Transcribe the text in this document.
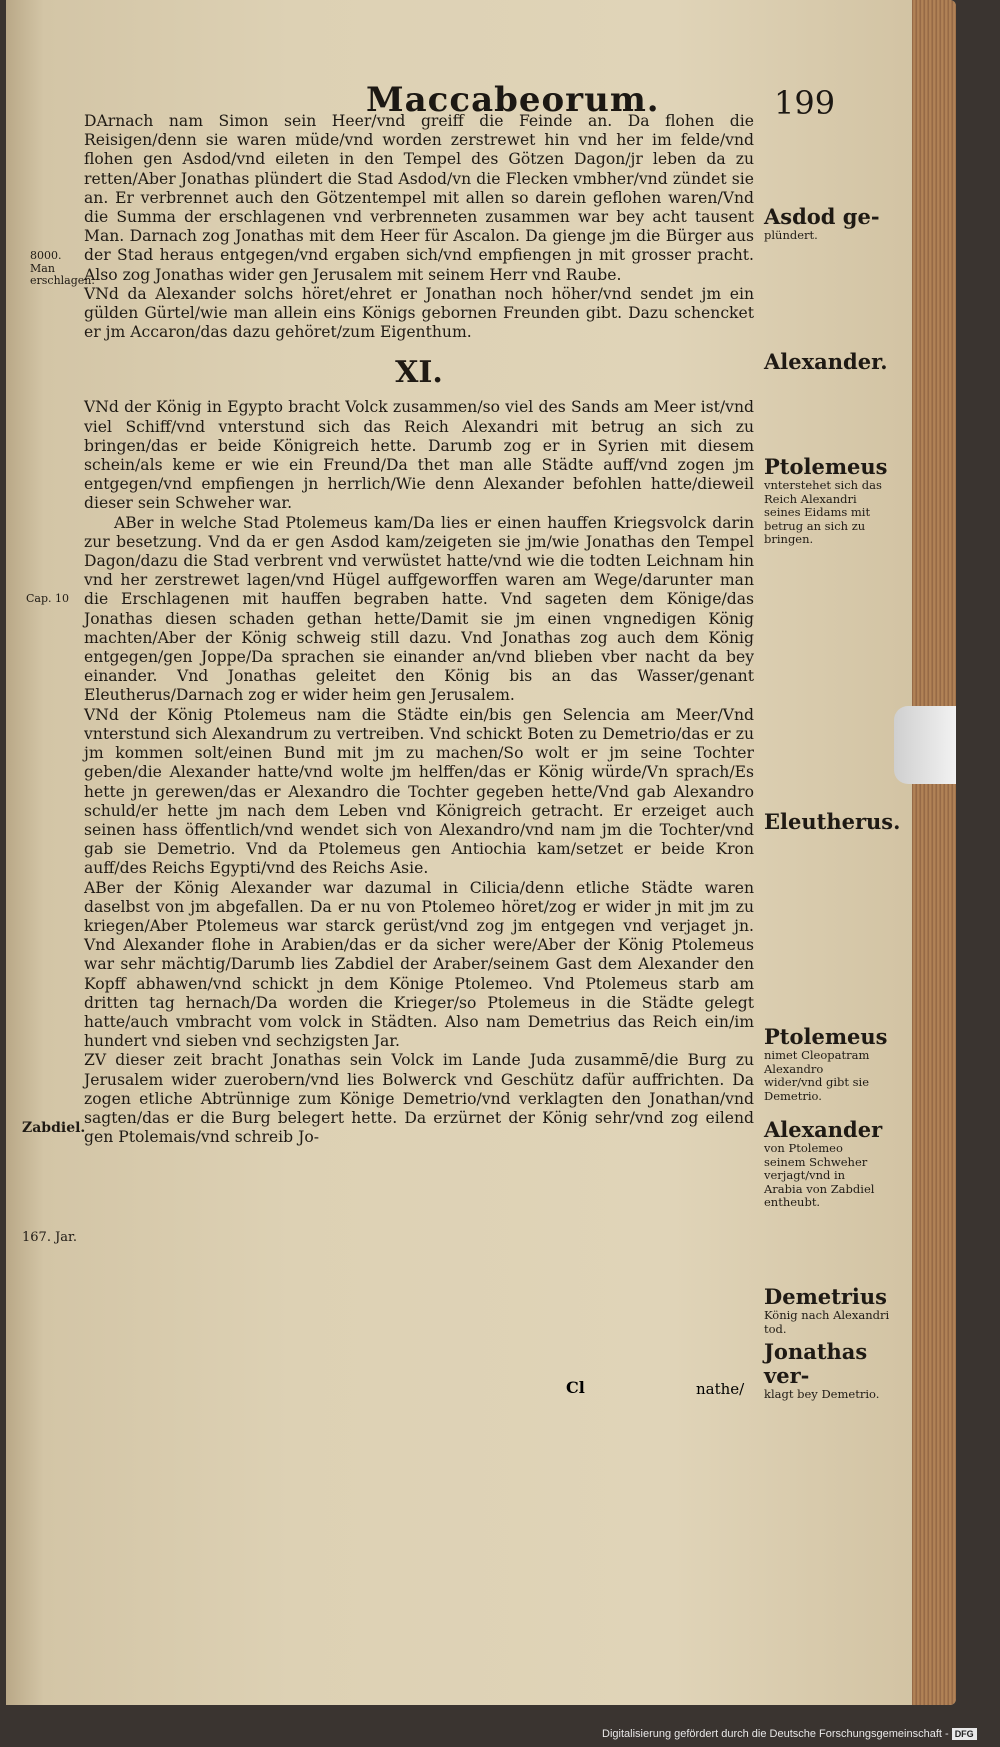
Maccabeorum.	199

DArnach nam Simon sein Heer/vnd greiff die Feinde an. Da flohen die Reisigen/denn sie waren müde/vnd worden zerstrewet hin vnd her im felde/vnd flohen gen Asdod/vnd eileten in den Tempel des Götzen Dagon/jr leben da zu retten/Aber Jonathas plündert die Stad Asdod/vn die Flecken vmbher/vnd zündet sie an. Er verbrennet auch den Götzentempel mit allen so darein geflohen waren/Vnd die Summa der erschlagenen vnd verbrenneten zusammen war bey acht tausent Man. Darnach zog Jonathas mit dem Heer für Ascalon. Da gienge jm die Bürger aus der Stad heraus entgegen/vnd ergaben sich/vnd empfiengen jn mit grosser pracht. Also zog Jonathas wider gen Jerusalem mit seinem Herr vnd Raube.

VNd da Alexander solchs höret/ehret er Jonathan noch höher/vnd sendet jm ein gülden Gürtel/wie man allein eins Königs gebornen Freunden gibt. Dazu schencket er jm Accaron/das dazu gehöret/zum Eigenthum.

XI.

VNd der König in Egypto bracht Volck zusammen/so viel des Sands am Meer ist/vnd viel Schiff/vnd vnterstund sich das Reich Alexandri mit betrug an sich zu bringen/das er beide Königreich hette. Darumb zog er in Syrien mit diesem schein/als keme er wie ein Freund/Da thet man alle Städte auff/vnd zogen jm entgegen/vnd empfiengen jn herrlich/Wie denn Alexander befohlen hatte/dieweil dieser sein Schweher war.

ABer in welche Stad Ptolemeus kam/Da lies er einen hauffen Kriegsvolck darin zur besetzung. Vnd da er gen Asdod kam/zeigeten sie jm/wie Jonathas den Tempel Dagon/dazu die Stad verbrent vnd verwüstet hatte/vnd wie die todten Leichnam hin vnd her zerstrewet lagen/vnd Hügel auffgeworffen waren am Wege/darunter man die Erschlagenen mit hauffen begraben hatte. Vnd sageten dem Könige/das Jonathas diesen schaden gethan hette/Damit sie jm einen vngnedigen König machten/Aber der König schweig still dazu. Vnd Jonathas zog auch dem König entgegen/gen Joppe/Da sprachen sie einander an/vnd blieben vber nacht da bey einander. Vnd Jonathas geleitet den König bis an das Wasser/genant Eleutherus/Darnach zog er wider heim gen Jerusalem.

VNd der König Ptolemeus nam die Städte ein/bis gen Selencia am Meer/Vnd vnterstund sich Alexandrum zu vertreiben. Vnd schickt Boten zu Demetrio/das er zu jm kommen solt/einen Bund mit jm zu machen/So wolt er jm seine Tochter geben/die Alexander hatte/vnd wolte jm helffen/das er König würde/Vn sprach/Es hette jn gerewen/das er Alexandro die Tochter gegeben hette/Vnd gab Alexandro schuld/er hette jm nach dem Leben vnd Königreich getracht. Er erzeiget auch seinen hass öffentlich/vnd wendet sich von Alexandro/vnd nam jm die Tochter/vnd gab sie Demetrio. Vnd da Ptolemeus gen Antiochia kam/setzet er beide Kron auff/des Reichs Egypti/vnd des Reichs Asie.

ABer der König Alexander war dazumal in Cilicia/denn etliche Städte waren daselbst von jm abgefallen. Da er nu von Ptolemeo höret/zog er wider jn mit jm zu kriegen/Aber Ptolemeus war starck gerüst/vnd zog jm entgegen vnd verjaget jn. Vnd Alexander flohe in Arabien/das er da sicher were/Aber der König Ptolemeus war sehr mächtig/Darumb lies Zabdiel der Araber/seinem Gast dem Alexander den Kopff abhawen/vnd schickt jn dem Könige Ptolemeo. Vnd Ptolemeus starb am dritten tag hernach/Da worden die Krieger/so Ptolemeus in die Städte gelegt hatte/auch vmbracht vom volck in Städten. Also nam Demetrius das Reich ein/im hundert vnd sieben vnd sechzigsten Jar.

ZV dieser zeit bracht Jonathas sein Volck im Lande Juda zusammē/die Burg zu Jerusalem wider zuerobern/vnd lies Bolwerck vnd Geschütz dafür auffrichten. Da zogen etliche Abtrünnige zum Könige Demetrio/vnd verklagten den Jonathan/vnd sagten/das er die Burg belegert hette. Da erzürnet der König sehr/vnd zog eilend gen Ptolemais/vnd schreib Jo-

Cl	nathe/
Asdod ge-
plündert.
Alexander.
Ptolemeus
vnterstehet sich das Reich Alexandri seines Eidams mit betrug an sich zu bringen.
Eleutherus.
Ptolemeus
nimet Cleopatram Alexandro wider/vnd gibt sie Demetrio.
Alexander
von Ptolemeo seinem Schweher verjagt/vnd in Arabia von Zabdiel entheubt.
Demetrius
König nach Alexandri tod.
Jonathas ver-
klagt bey Demetrio.
8000. Man erschlagen.
Cap. 10
Zabdiel.
167. Jar.
Digitalisierung gefördert durch die Deutsche Forschungsgemeinschaft - DFG
